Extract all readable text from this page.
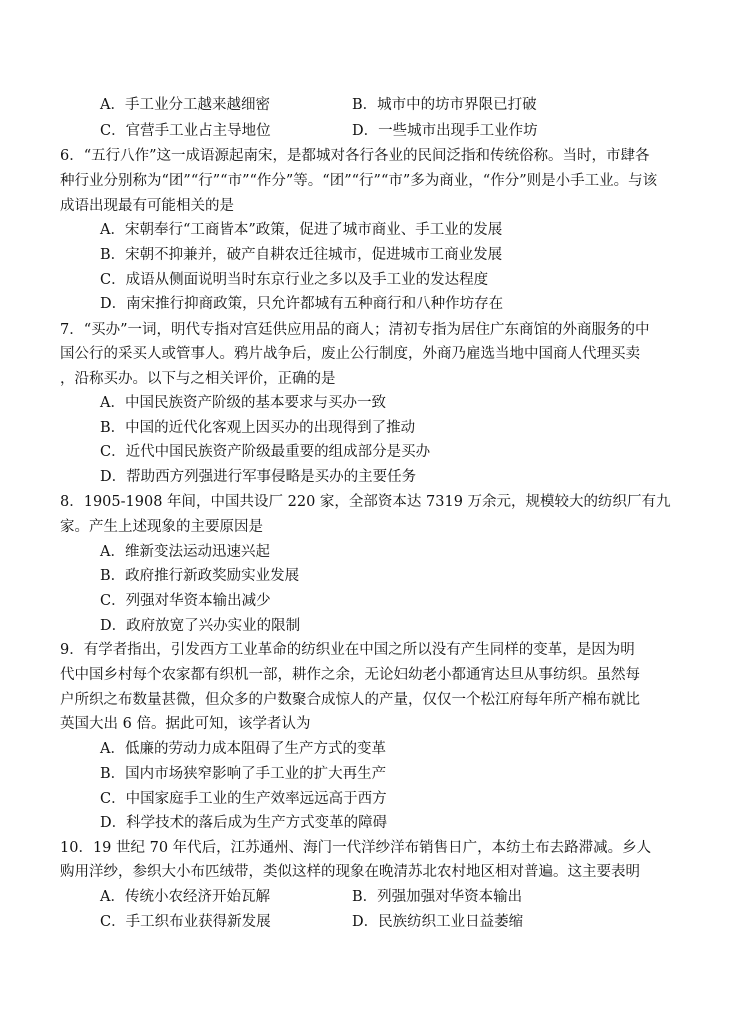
A．手工业分工越来越细密	B．城市中的坊市界限已打破
C．官营手工业占主导地位	D．一些城市出现手工业作坊
6．“五行八作”这一成语源起南宋，是都城对各行各业的民间泛指和传统俗称。当时，市肆各
种行业分别称为“团”“行”“市”“作分”等。“团”“行”“市”多为商业，“作分”则是小手工业。与该
成语出现最有可能相关的是
A．宋朝奉行“工商皆本”政策，促进了城市商业、手工业的发展
B．宋朝不抑兼并，破产自耕农迁往城市，促进城市工商业发展
C．成语从侧面说明当时东京行业之多以及手工业的发达程度
D．南宋推行抑商政策，只允许都城有五种商行和八种作坊存在
7．“买办”一词，明代专指对宫廷供应用品的商人；清初专指为居住广东商馆的外商服务的中
国公行的采买人或管事人。鸦片战争后，废止公行制度，外商乃雇选当地中国商人代理买卖
，沿称买办。以下与之相关评价，正确的是
A．中国民族资产阶级的基本要求与买办一致
B．中国的近代化客观上因买办的出现得到了推动
C．近代中国民族资产阶级最重要的组成部分是买办
D．帮助西方列强进行军事侵略是买办的主要任务
8．1905-1908 年间，中国共设厂 220 家，全部资本达 7319 万余元，规模较大的纺织厂有九
家。产生上述现象的主要原因是
A．维新变法运动迅速兴起
B．政府推行新政奖励实业发展
C．列强对华资本输出减少
D．政府放宽了兴办实业的限制
9．有学者指出，引发西方工业革命的纺织业在中国之所以没有产生同样的变革，是因为明
代中国乡村每个农家都有织机一部，耕作之余，无论妇幼老小都通宵达旦从事纺织。虽然每
户所织之布数量甚微，但众多的户数聚合成惊人的产量，仅仅一个松江府每年所产棉布就比
英国大出 6 倍。据此可知，该学者认为
A．低廉的劳动力成本阻碍了生产方式的变革
B．国内市场狭窄影响了手工业的扩大再生产
C．中国家庭手工业的生产效率远远高于西方
D．科学技术的落后成为生产方式变革的障碍
10．19 世纪 70 年代后，江苏通州、海门一代洋纱洋布销售日广，本纺土布去路滞减。乡人
购用洋纱，参织大小布匹绒带，类似这样的现象在晚清苏北农村地区相对普遍。这主要表明
A．传统小农经济开始瓦解	B．列强加强对华资本输出
C．手工织布业获得新发展	D．民族纺织工业日益萎缩
